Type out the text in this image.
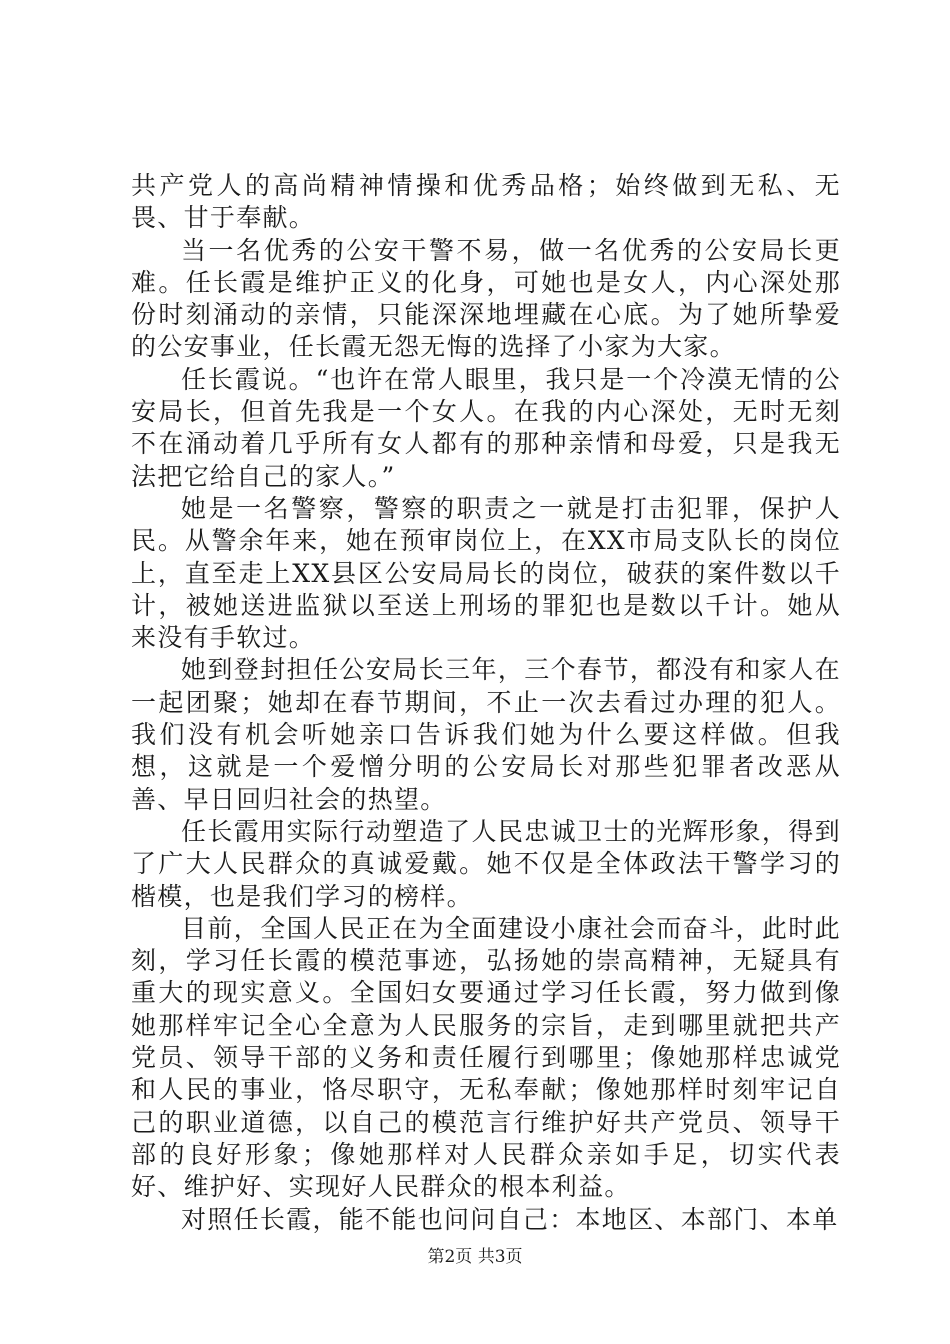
共产党人的高尚精神情操和优秀品格；始终做到无私、无畏、甘于奉献。

当一名优秀的公安干警不易，做一名优秀的公安局长更难。任长霞是维护正义的化身，可她也是女人，内心深处那份时刻涌动的亲情，只能深深地埋藏在心底。为了她所挚爱的公安事业，任长霞无怨无悔的选择了小家为大家。

任长霞说。“也许在常人眼里，我只是一个冷漠无情的公安局长，但首先我是一个女人。在我的内心深处，无时无刻不在涌动着几乎所有女人都有的那种亲情和母爱，只是我无法把它给自己的家人。”

她是一名警察，警察的职责之一就是打击犯罪，保护人民。从警余年来，她在预审岗位上，在XX市局支队长的岗位上，直至走上XX县区公安局局长的岗位，破获的案件数以千计，被她送进监狱以至送上刑场的罪犯也是数以千计。她从来没有手软过。

她到登封担任公安局长三年，三个春节，都没有和家人在一起团聚；她却在春节期间，不止一次去看过办理的犯人。我们没有机会听她亲口告诉我们她为什么要这样做。但我想，这就是一个爱憎分明的公安局长对那些犯罪者改恶从善、早日回归社会的热望。

任长霞用实际行动塑造了人民忠诚卫士的光辉形象，得到了广大人民群众的真诚爱戴。她不仅是全体政法干警学习的楷模，也是我们学习的榜样。

目前，全国人民正在为全面建设小康社会而奋斗，此时此刻，学习任长霞的模范事迹，弘扬她的崇高精神，无疑具有重大的现实意义。全国妇女要通过学习任长霞，努力做到像她那样牢记全心全意为人民服务的宗旨，走到哪里就把共产党员、领导干部的义务和责任履行到哪里；像她那样忠诚党和人民的事业，恪尽职守，无私奉献；像她那样时刻牢记自己的职业道德，以自己的模范言行维护好共产党员、领导干部的良好形象；像她那样对人民群众亲如手足，切实代表好、维护好、实现好人民群众的根本利益。

对照任长霞，能不能也问问自己：本地区、本部门、本单

第2页 共3页
